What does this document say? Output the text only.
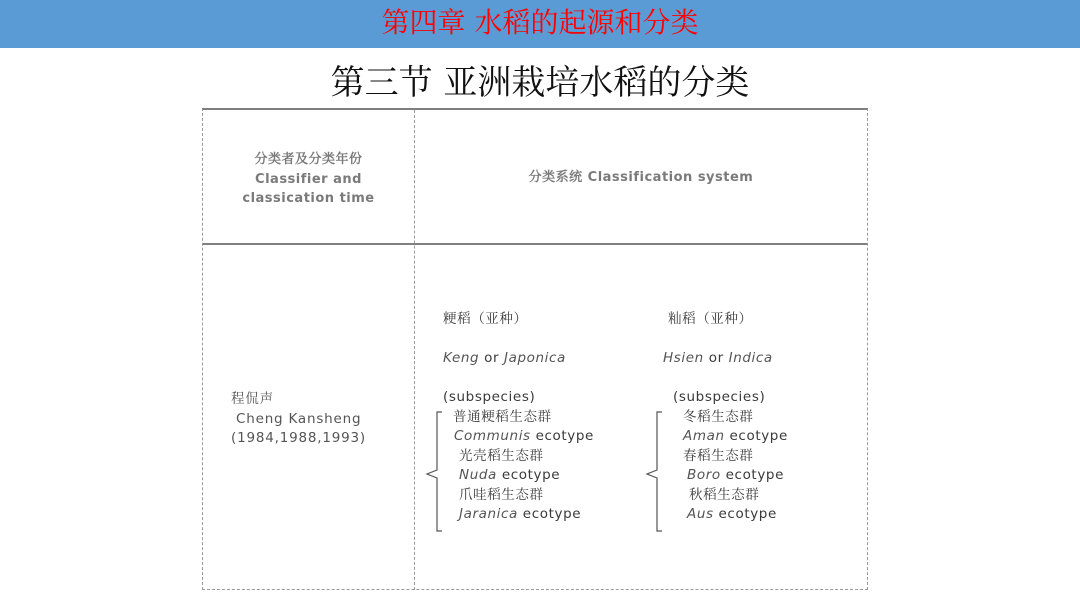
第四章 水稻的起源和分类
第三节 亚洲栽培水稻的分类
分类者及分类年份
Classifier and
classication time
分类系统 Classification system
程侃声
Cheng Kansheng
(1984,1988,1993)
粳稻（亚种）
Keng or Japonica
(subspecies)
普通粳稻生态群
Communis ecotype
光壳稻生态群
Nuda ecotype
爪哇稻生态群
Jaranica ecotype
籼稻（亚种）
Hsien or Indica
(subspecies)
冬稻生态群
Aman ecotype
春稻生态群
Boro ecotype
秋稻生态群
Aus ecotype
